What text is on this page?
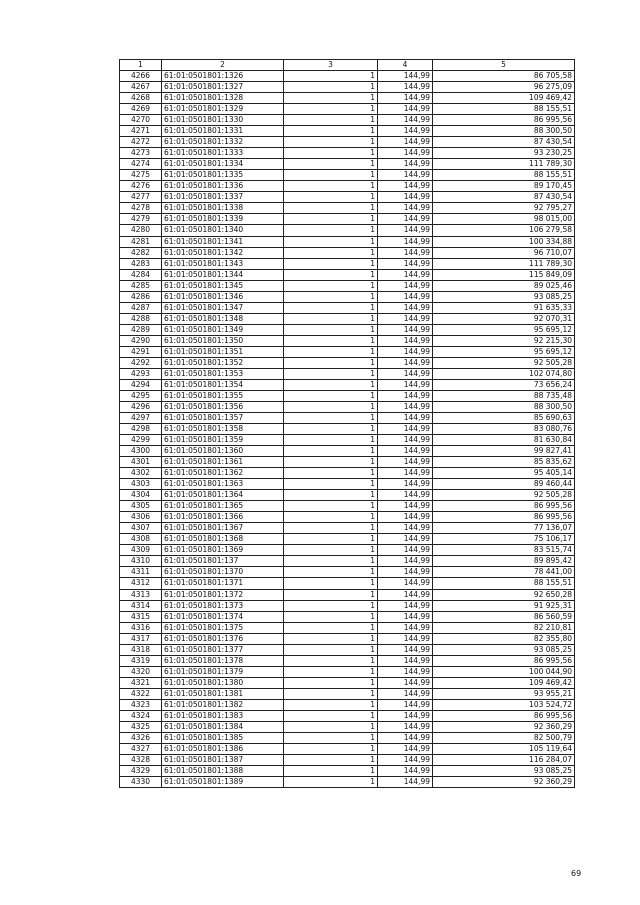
1	2	3	4	5
4266	61:01:0501801:1326	1	144,99	86 705,58
4267	61:01:0501801:1327	1	144,99	96 275,09
4268	61:01:0501801:1328	1	144,99	109 469,42
4269	61:01:0501801:1329	1	144,99	88 155,51
4270	61:01:0501801:1330	1	144,99	86 995,56
4271	61:01:0501801:1331	1	144,99	88 300,50
4272	61:01:0501801:1332	1	144,99	87 430,54
4273	61:01:0501801:1333	1	144,99	93 230,25
4274	61:01:0501801:1334	1	144,99	111 789,30
4275	61:01:0501801:1335	1	144,99	88 155,51
4276	61:01:0501801:1336	1	144,99	89 170,45
4277	61:01:0501801:1337	1	144,99	87 430,54
4278	61:01:0501801:1338	1	144,99	92 795,27
4279	61:01:0501801:1339	1	144,99	98 015,00
4280	61:01:0501801:1340	1	144,99	106 279,58
4281	61:01:0501801:1341	1	144,99	100 334,88
4282	61:01:0501801:1342	1	144,99	96 710,07
4283	61:01:0501801:1343	1	144,99	111 789,30
4284	61:01:0501801:1344	1	144,99	115 849,09
4285	61:01:0501801:1345	1	144,99	89 025,46
4286	61:01:0501801:1346	1	144,99	93 085,25
4287	61:01:0501801:1347	1	144,99	91 635,33
4288	61:01:0501801:1348	1	144,99	92 070,31
4289	61:01:0501801:1349	1	144,99	95 695,12
4290	61:01:0501801:1350	1	144,99	92 215,30
4291	61:01:0501801:1351	1	144,99	95 695,12
4292	61:01:0501801:1352	1	144,99	92 505,28
4293	61:01:0501801:1353	1	144,99	102 074,80
4294	61:01:0501801:1354	1	144,99	73 656,24
4295	61:01:0501801:1355	1	144,99	88 735,48
4296	61:01:0501801:1356	1	144,99	88 300,50
4297	61:01:0501801:1357	1	144,99	85 690,63
4298	61:01:0501801:1358	1	144,99	83 080,76
4299	61:01:0501801:1359	1	144,99	81 630,84
4300	61:01:0501801:1360	1	144,99	99 827,41
4301	61:01:0501801:1361	1	144,99	85 835,62
4302	61:01:0501801:1362	1	144,99	95 405,14
4303	61:01:0501801:1363	1	144,99	89 460,44
4304	61:01:0501801:1364	1	144,99	92 505,28
4305	61:01:0501801:1365	1	144,99	86 995,56
4306	61:01:0501801:1366	1	144,99	86 995,56
4307	61:01:0501801:1367	1	144,99	77 136,07
4308	61:01:0501801:1368	1	144,99	75 106,17
4309	61:01:0501801:1369	1	144,99	83 515,74
4310	61:01:0501801:137	1	144,99	89 895,42
4311	61:01:0501801:1370	1	144,99	78 441,00
4312	61:01:0501801:1371	1	144,99	88 155,51
4313	61:01:0501801:1372	1	144,99	92 650,28
4314	61:01:0501801:1373	1	144,99	91 925,31
4315	61:01:0501801:1374	1	144,99	86 560,59
4316	61:01:0501801:1375	1	144,99	82 210,81
4317	61:01:0501801:1376	1	144,99	82 355,80
4318	61:01:0501801:1377	1	144,99	93 085,25
4319	61:01:0501801:1378	1	144,99	86 995,56
4320	61:01:0501801:1379	1	144,99	100 044,90
4321	61:01:0501801:1380	1	144,99	109 469,42
4322	61:01:0501801:1381	1	144,99	93 955,21
4323	61:01:0501801:1382	1	144,99	103 524,72
4324	61:01:0501801:1383	1	144,99	86 995,56
4325	61:01:0501801:1384	1	144,99	92 360,29
4326	61:01:0501801:1385	1	144,99	82 500,79
4327	61:01:0501801:1386	1	144,99	105 119,64
4328	61:01:0501801:1387	1	144,99	116 284,07
4329	61:01:0501801:1388	1	144,99	93 085,25
4330	61:01:0501801:1389	1	144,99	92 360,29
69
